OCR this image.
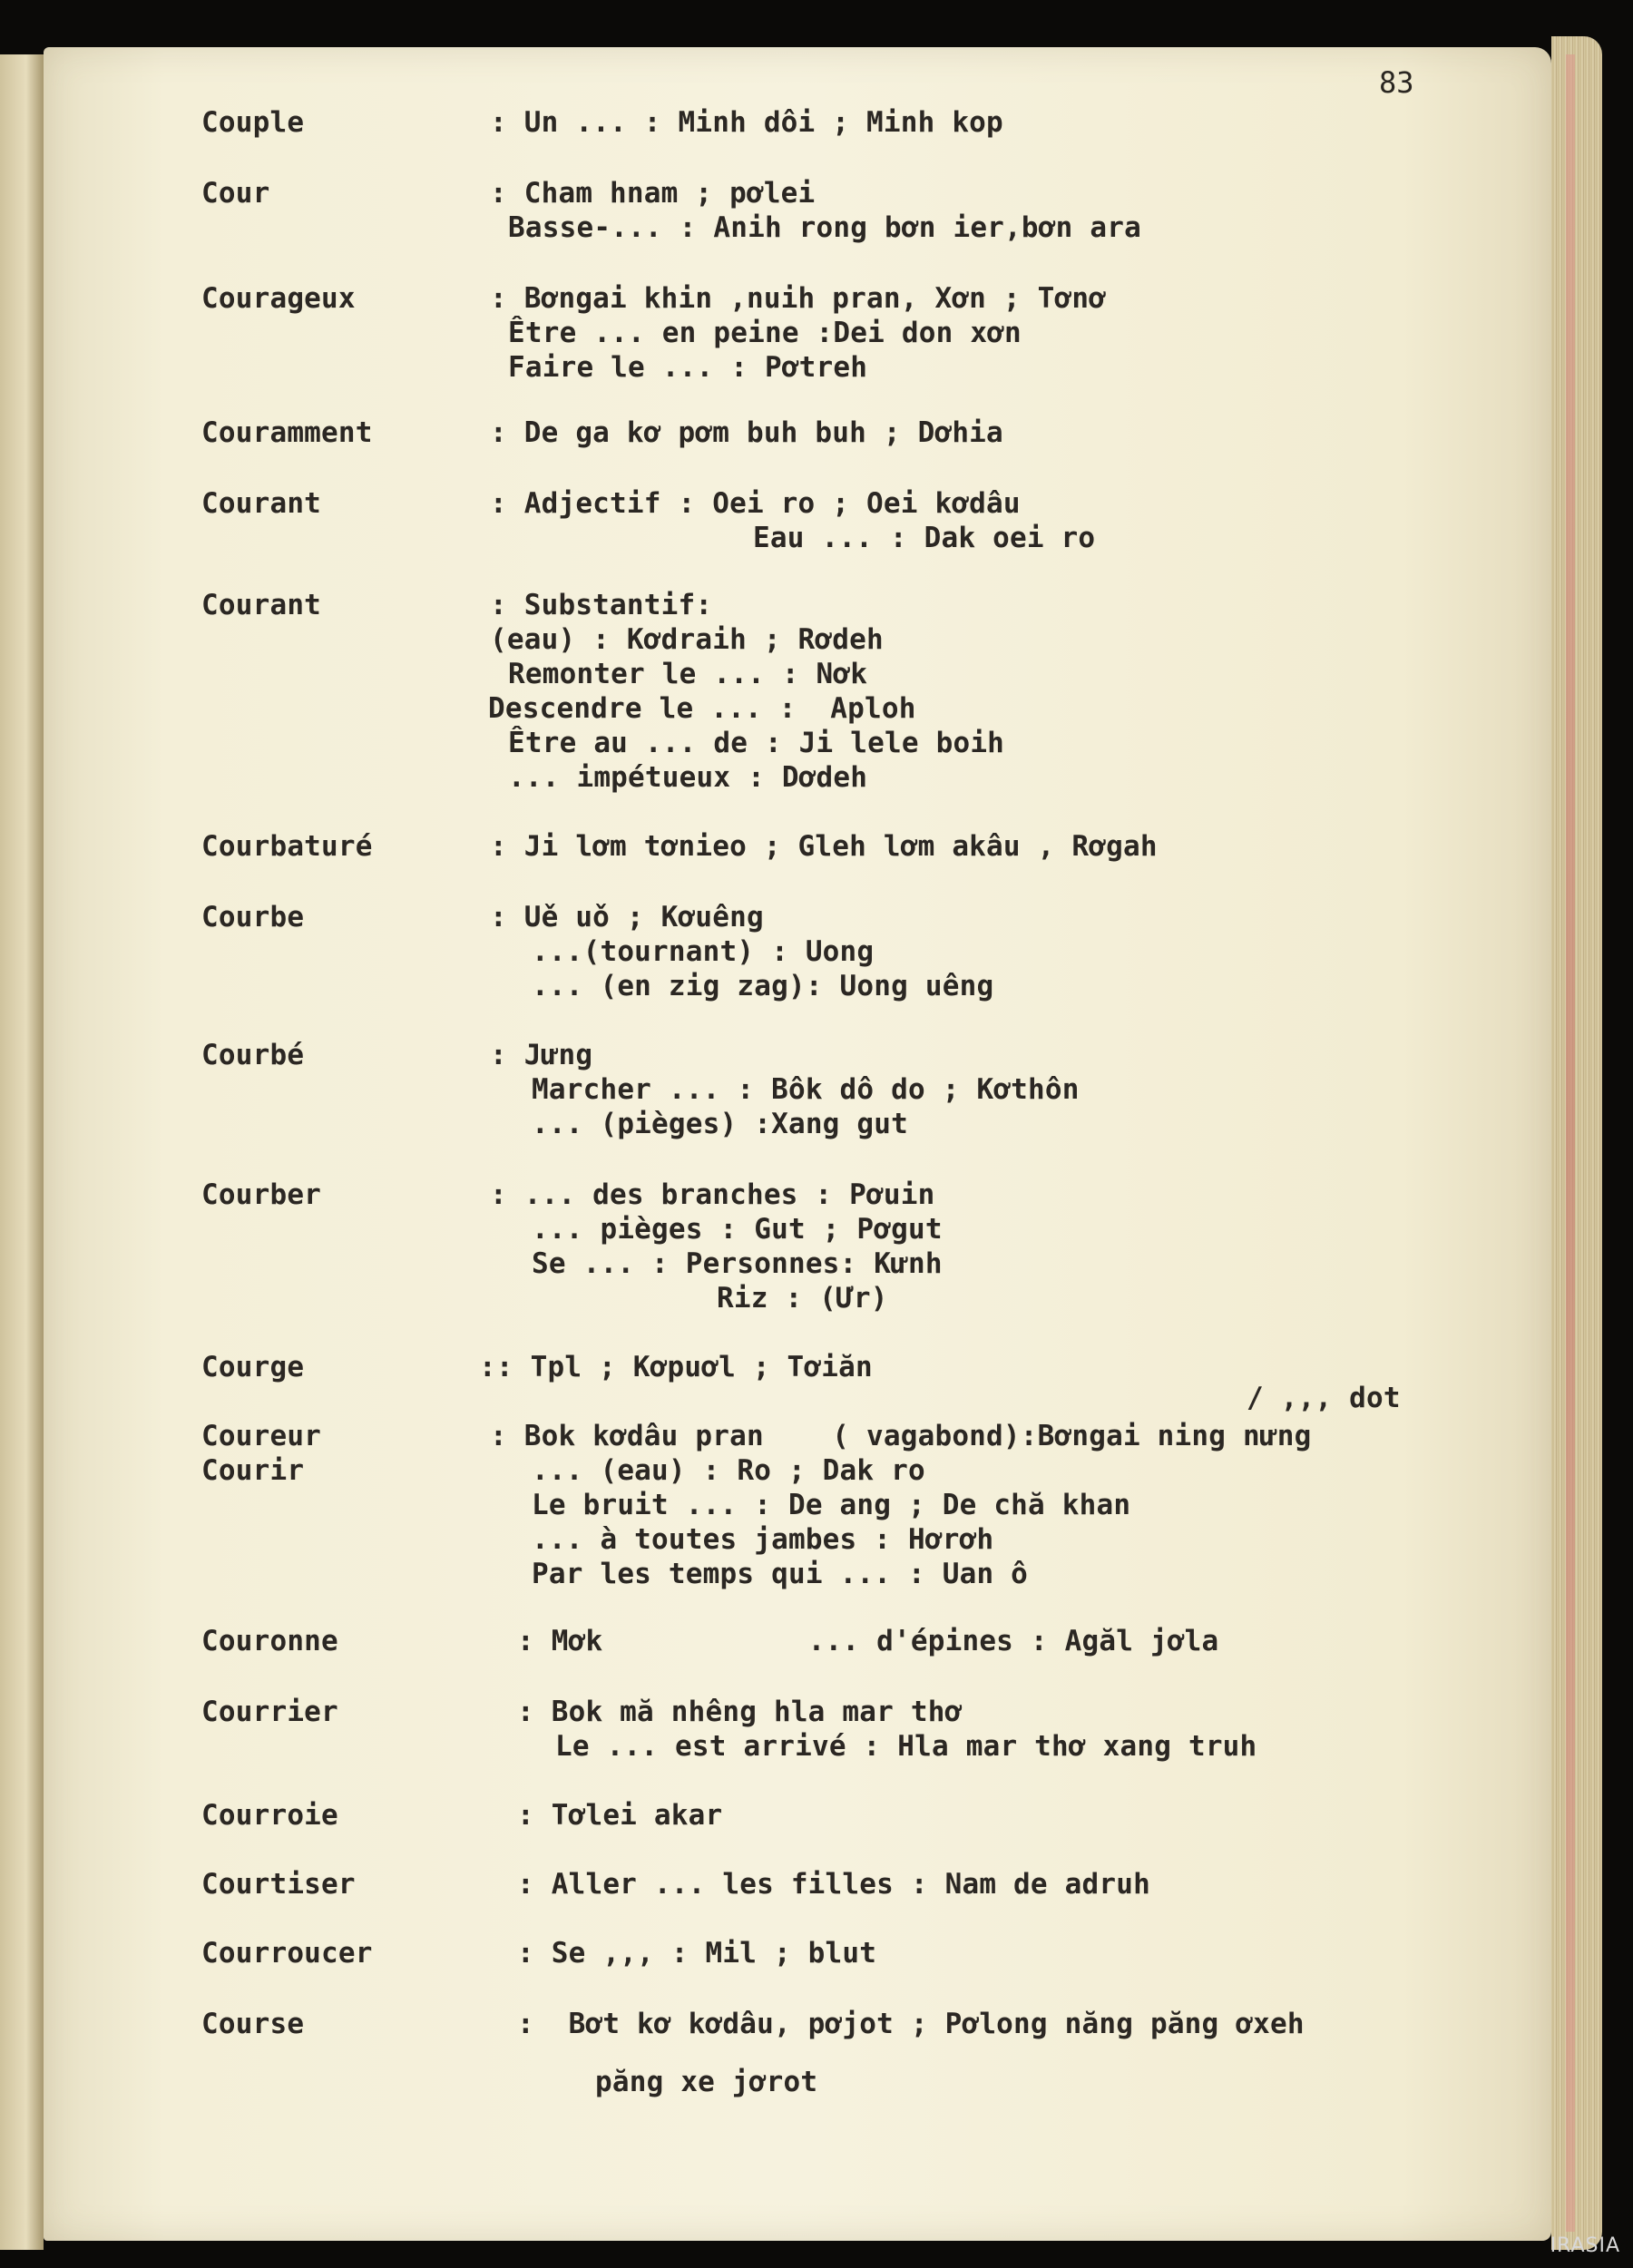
83
Couple	: Un ... : Minh dôi ; Minh kop
Cour	: Cham hnam ; pơlei
Basse-... : Anih rong bơn ier,bơn ara
Courageux	: Bơngai khin ,nuih pran, Xơn ; Tơnơ
Être ... en peine :Dei don xơn
Faire le ... : Pơtreh
Couramment	: De ga kơ pơm buh buh ; Dơhia
Courant	: Adjectif : Oei ro ; Oei kơdâu
Eau ... : Dak oei ro
Courant	: Substantif:
(eau) : Kơdraih ; Rơdeh
Remonter le ... : Nơk
Descendre le ... :  Aploh
Être au ... de : Ji lele boih
... impétueux : Dơdeh
Courbaturé	: Ji lơm tơnieo ; Gleh lơm akâu , Rơgah
Courbe	: Uě uǒ ; Kơuêng
...(tournant) : Uong
... (en zig zag): Uong uêng
Courbé	: Jưng
Marcher ... : Bôk dô do ; Kơthôn
... (pièges) :Xang gut
Courber	: ... des branches : Pơuin
... pièges : Gut ; Pơgut
Se ... : Personnes: Kưnh
Riz : (Ưr)
Courge	:: Tpl ; Kơpuơl ; Tơiăn
/ ,,, dot
Coureur	: Bok kơdâu pran    ( vagabond):Bơngai ning nưng
Courir	... (eau) : Ro ; Dak ro
Le bruit ... : De ang ; De chă khan
... à toutes jambes : Hơrơh
Par les temps qui ... : Uan ô
Couronne	: Mơk            ... d'épines : Agăl jơla
Courrier	: Bok mă nhêng hla mar thơ
Le ... est arrivé : Hla mar thơ xang truh
Courroie	: Tơlei akar
Courtiser	: Aller ... les filles : Nam de adruh
Courroucer	: Se ,,, : Mil ; blut
Course	:  Bơt kơ kơdâu, pơjot ; Pơlong năng păng ơxeh
păng xe jơrot
IRASIA
